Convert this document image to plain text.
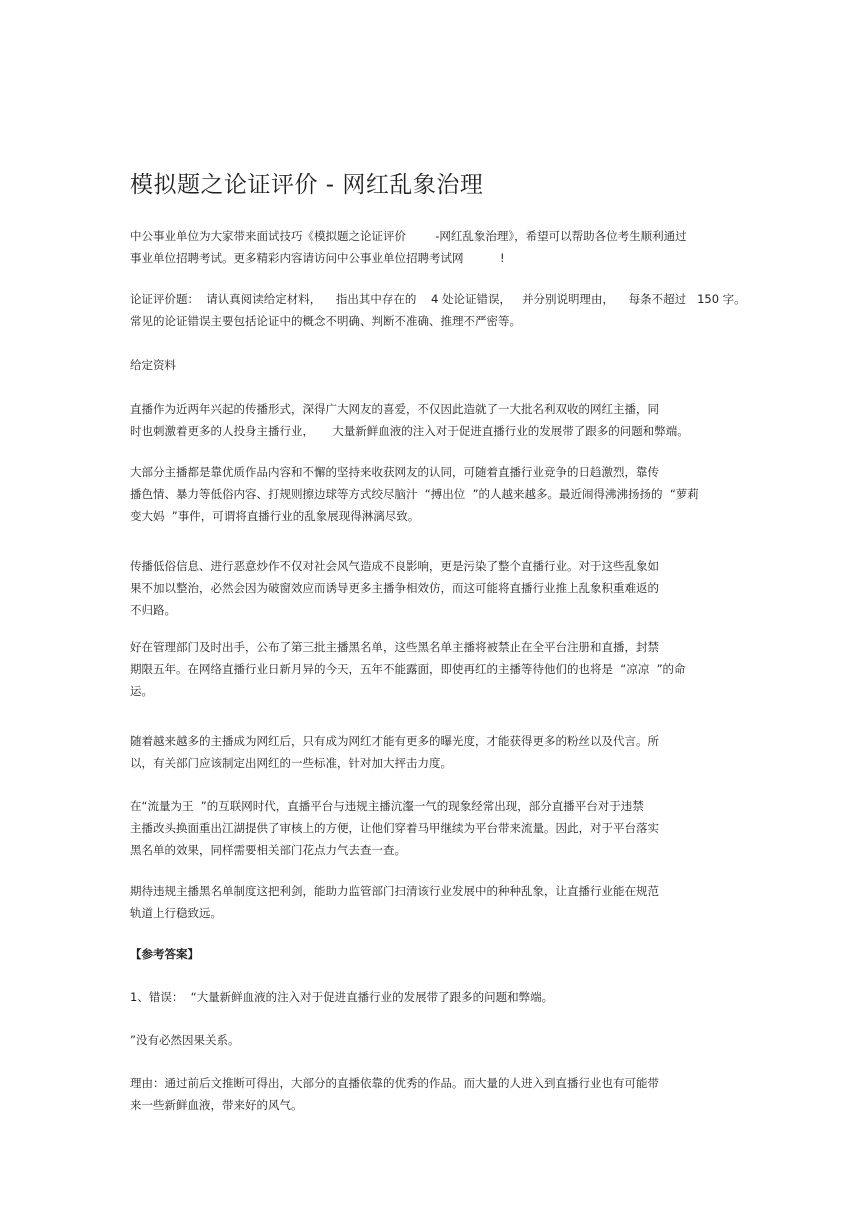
模拟题之论证评价 - 网红乱象治理
中公事业单位为大家带来面试技巧《模拟题之论证评价        -网红乱象治理》，希望可以帮助各位考生顺利通过
事业单位招聘考试。更多精彩内容请访问中公事业单位招聘考试网          !
论证评价题：  请认真阅读给定材料，    指出其中存在的    4 处论证错误，   并分别说明理由，    每条不超过   150 字。
常见的论证错误主要包括论证中的概念不明确、判断不准确、推理不严密等。
给定资料
直播作为近两年兴起的传播形式，深得广大网友的喜爱，不仅因此造就了一大批名利双收的网红主播，同
时也刺激着更多的人投身主播行业，     大量新鲜血液的注入对于促进直播行业的发展带了跟多的问题和弊端。
大部分主播都是靠优质作品内容和不懈的坚持来收获网友的认同，可随着直播行业竞争的日趋激烈，靠传
播色情、暴力等低俗内容、打规则擦边球等方式绞尽脑汁  “搏出位  ”的人越来越多。最近闹得沸沸扬扬的  “萝莉
变大妈  ”事件，可谓将直播行业的乱象展现得淋漓尽致。
传播低俗信息、进行恶意炒作不仅对社会风气造成不良影响，更是污染了整个直播行业。对于这些乱象如
果不加以整治，必然会因为破窗效应而诱导更多主播争相效仿，而这可能将直播行业推上乱象积重难返的
不归路。
好在管理部门及时出手，公布了第三批主播黑名单，这些黑名单主播将被禁止在全平台注册和直播，封禁
期限五年。在网络直播行业日新月异的今天，五年不能露面，即使再红的主播等待他们的也将是  “凉凉  ”的命
运。
随着越来越多的主播成为网红后，只有成为网红才能有更多的曝光度，才能获得更多的粉丝以及代言。所
以，有关部门应该制定出网红的一些标准，针对加大抨击力度。
在“流量为王  ”的互联网时代，直播平台与违规主播沆瀣一气的现象经常出现，部分直播平台对于违禁
主播改头换面重出江湖提供了审核上的方便，让他们穿着马甲继续为平台带来流量。因此，对于平台落实
黑名单的效果，同样需要相关部门花点力气去查一查。
期待违规主播黑名单制度这把利剑，能助力监管部门扫清该行业发展中的种种乱象，让直播行业能在规范
轨道上行稳致远。
【参考答案】
1、错误：  “大量新鲜血液的注入对于促进直播行业的发展带了跟多的问题和弊端。
”没有必然因果关系。
理由：通过前后文推断可得出，大部分的直播依靠的优秀的作品。而大量的人进入到直播行业也有可能带
来一些新鲜血液，带来好的风气。
